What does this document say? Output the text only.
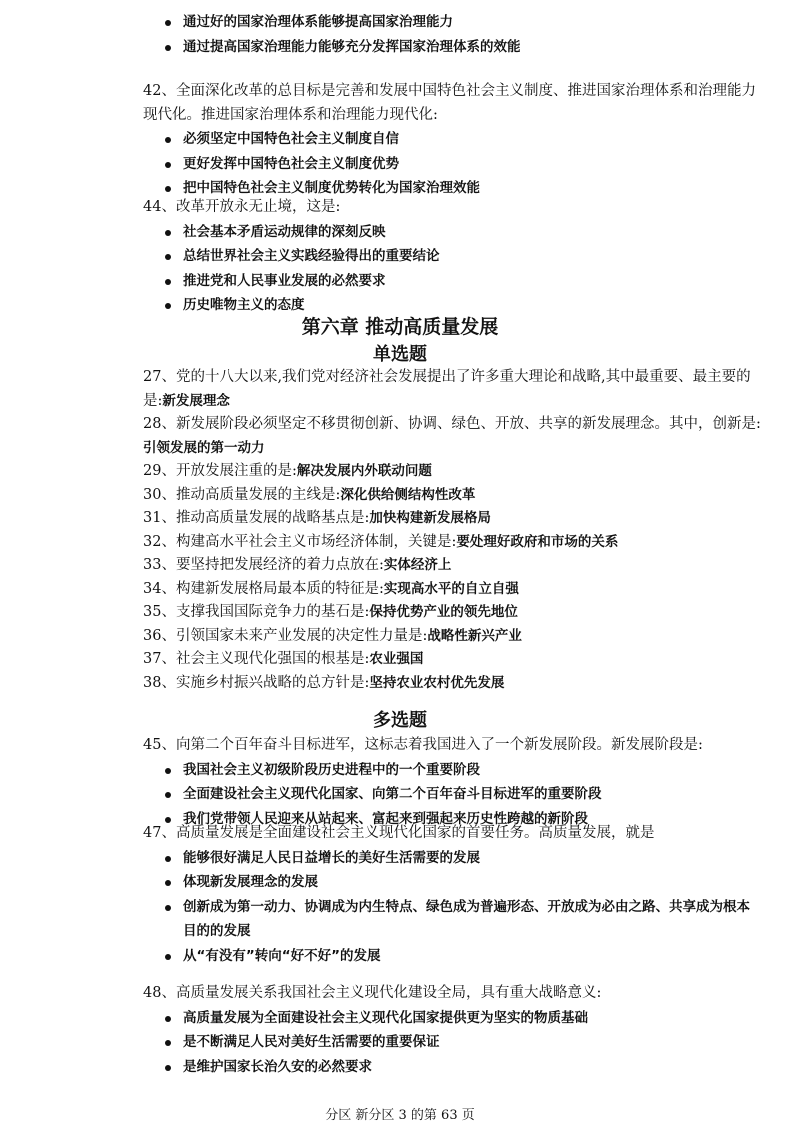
通过好的国家治理体系能够提高国家治理能力
通过提高国家治理能力能够充分发挥国家治理体系的效能
42、全面深化改革的总目标是完善和发展中国特色社会主义制度、推进国家治理体系和治理能力现代化。推进国家治理体系和治理能力现代化:
必须坚定中国特色社会主义制度自信
更好发挥中国特色社会主义制度优势
把中国特色社会主义制度优势转化为国家治理效能
44、改革开放永无止境，这是:
社会基本矛盾运动规律的深刻反映
总结世界社会主义实践经验得出的重要结论
推进党和人民事业发展的必然要求
历史唯物主义的态度
第六章 推动高质量发展
单选题
27、党的十八大以来,我们党对经济社会发展提出了许多重大理论和战略,其中最重要、最主要的是:新发展理念
28、新发展阶段必须坚定不移贯彻创新、协调、绿色、开放、共享的新发展理念。其中，创新是:引领发展的第一动力
29、开放发展注重的是:解决发展内外联动问题
30、推动高质量发展的主线是:深化供给侧结构性改革
31、推动高质量发展的战略基点是:加快构建新发展格局
32、构建高水平社会主义市场经济体制，关键是:要处理好政府和市场的关系
33、要坚持把发展经济的着力点放在:实体经济上
34、构建新发展格局最本质的特征是:实现高水平的自立自强
35、支撑我国国际竞争力的基石是:保持优势产业的领先地位
36、引领国家未来产业发展的决定性力量是:战略性新兴产业
37、社会主义现代化强国的根基是:农业强国
38、实施乡村振兴战略的总方针是:坚持农业农村优先发展
多选题
45、向第二个百年奋斗目标进军，这标志着我国进入了一个新发展阶段。新发展阶段是:
我国社会主义初级阶段历史进程中的一个重要阶段
全面建设社会主义现代化国家、向第二个百年奋斗目标进军的重要阶段
我们党带领人民迎来从站起来、富起来到强起来历史性跨越的新阶段
47、高质量发展是全面建设社会主义现代化国家的首要任务。高质量发展，就是
能够很好满足人民日益增长的美好生活需要的发展
体现新发展理念的发展
创新成为第一动力、协调成为内生特点、绿色成为普遍形态、开放成为必由之路、共享成为根本目的的发展
从“有没有”转向“好不好”的发展
48、高质量发展关系我国社会主义现代化建设全局，具有重大战略意义:
高质量发展为全面建设社会主义现代化国家提供更为坚实的物质基础
是不断满足人民对美好生活需要的重要保证
是维护国家长治久安的必然要求
分区 新分区 3 的第 63 页
